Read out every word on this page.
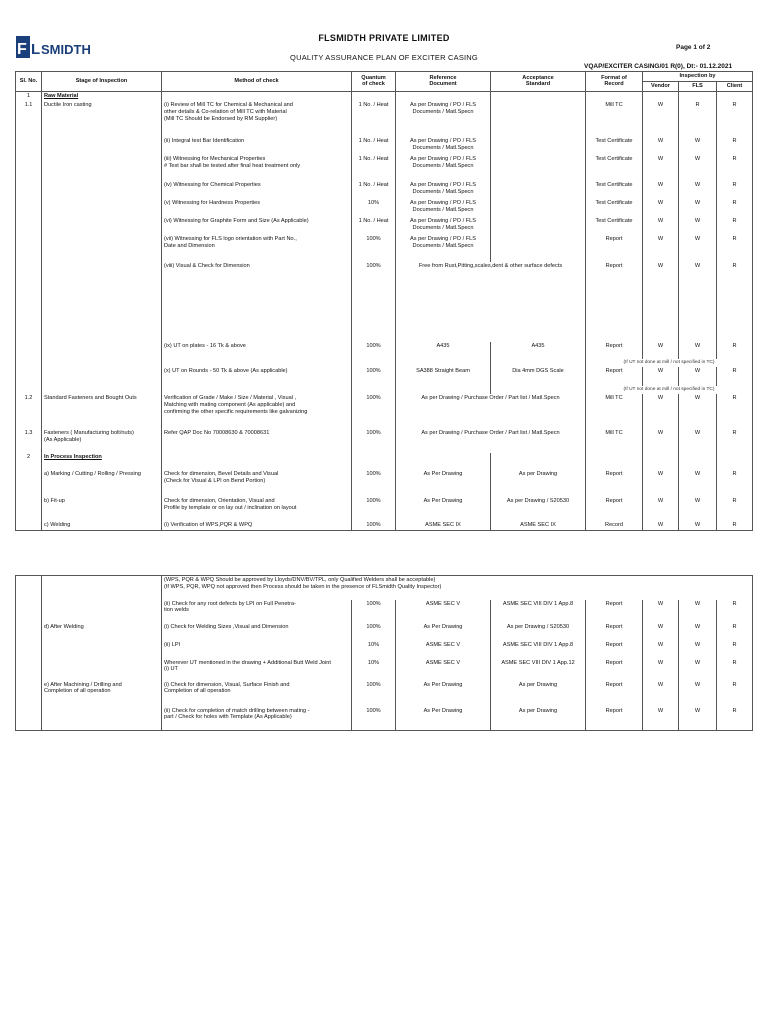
F L SMIDTH
FLSMIDTH PRIVATE LIMITED
Page 1 of 2
QUALITY ASSURANCE PLAN OF EXCITER CASING
VQAP/EXCITER CASING/01 R(0), Dt:- 01.12.2021
Sl. No.	Stage of Inspection	Method of check	Quantum
of check	Reference
Document	Acceptance
Standard	Format of
Record	Inspection by		
							Vendor	FLS	Client
1	Raw Material								
1.1	Ductile Iron casting	(i) Review of Mill TC for Chemical & Mechanical and
other details & Co-relation of Mill TC with Material
(Mill TC Should be Endorsed by RM Supplier)	1 No. / Heat	As per Drawing / PO / FLS Documents / Matl.Specn		Mill TC	W	R	R
		(ii) Integral test Bar Identification	1 No. / Heat	As per Drawing / PO / FLS Documents / Matl.Specn		Test Certificate	W	W	R
		(iii) Witnessing for Mechanical Properties
# Test bar shall be tested after final heat treatment only	1 No. / Heat	As per Drawing / PO / FLS Documents / Matl.Specn		Test Certificate	W	W	R
		(iv) Witnessing for Chemical Properties	1 No. / Heat	As per Drawing / PO / FLS Documents / Matl.Specn		Test Certificate	W	W	R
		(v) Witnessing for Hardness Properties	10%	As per Drawing / PO / FLS Documents / Matl.Specn		Test Certificate	W	W	R
		(vi) Witnessing for Graphite Form and Size (As Applicable)	1 No. / Heat	As per Drawing / PO / FLS Documents / Matl.Specn		Test Certificate	W	W	R
		(vii) Witnessing for FLS logo orientation with Part No.,
Date and Dimension	100%	As per Drawing / PO / FLS Documents / Matl.Specn		Report	W	W	R
		(viii) Visual & Check for Dimension	100%	Free from Rust,Pitting,scales,dent & other surface defects		Report	W	W	R
		(ix) UT on plates - 16 Tk & above	100%	A435	A435	Report	W	W	R
						(If UT not done at mill / not specified in TC)			
		(x) UT on Rounds - 50 Tk & above (As applicable)	100%	SA388 Straight Beam	Dia 4mm DGS Scale	Report	W	W	R
						(If UT not done at mill / not specified in TC)			
1.2	Standard Fasteners and Bought Outs	Verification of Grade / Make / Size / Material , Visual ,
Matching with mating component (As applicable) and
confirming the other specific requirements like galvanizing	100%	As per Drawing / Purchase Order / Part list / Matl.Specn		Mill TC	W	W	R
1.3	Fasteners ( Manufacturing bolt/nuts)
(As Applicable)	Refer QAP Doc No 70008630 & 70008631	100%	As per Drawing / Purchase Order / Part list / Matl.Specn		Mill TC	W	W	R
2	In Process Inspection								
	a) Marking / Cutting / Rolling / Pressing	Check for dimension, Bevel Details and Visual
(Check for Visual & LPI on Bend Portion)	100%	As Per Drawing	As per Drawing	Report	W	W	R
	b) Fit-up	Check for dimension, Orientation, Visual and
Profile by template or on lay out / inclination on layout	100%	As Per Drawing	As per Drawing / S20530	Report	W	W	R
	c) Welding	(i) Verification of WPS,PQR & WPQ	100%	ASME SEC IX	ASME SEC IX	Record	W	W	R
		(WPS, PQR & WPQ Should be approved by Lloyds/DNV/BV/TPL, only Qualified Welders shall be acceptable)
(If WPS, PQR, WPQ not approved then Process should be taken in the presence of FLSmidth Quality Inspector)							
		(ii) Check for any root defects by LPI on Full Penetra-
tion welds	100%	ASME SEC V	ASME SEC VIII DIV 1 App.8	Report	W	W	R
	d) After Welding	(i) Check for Welding Sizes ,Visual and Dimension	100%	As Per Drawing	As per Drawing / S20530	Report	W	W	R
		(ii) LPI	10%	ASME SEC V	ASME SEC VIII DIV 1 App.8	Report	W	W	R
		Wherever UT mentioned in the drawing + Additional Butt Weld Joint
(i) UT	10%	ASME SEC V	ASME SEC VIII DIV 1 App.12	Report	W	W	R
	e) After Machining / Drilling and
Completion of all operation	(i) Check for dimension, Visual, Surface Finish and
Completion of all operation	100%	As Per Drawing	As per Drawing	Report	W	W	R
		(ii) Check for completion of match drilling between mating -
part / Check for holes with Template (As Applicable)	100%	As Per Drawing	As per Drawing	Report	W	W	R
